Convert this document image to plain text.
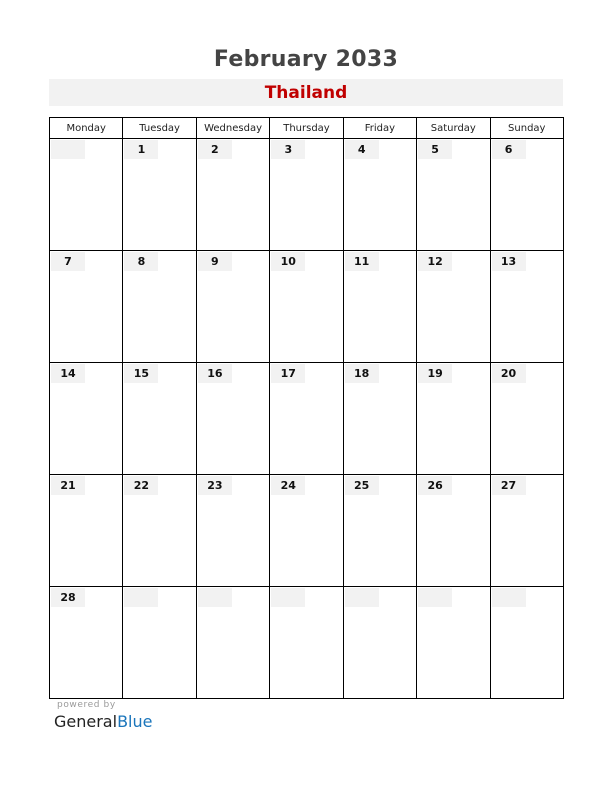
February 2033
Thailand
Monday	Tuesday	Wednesday	Thursday	Friday	Saturday	Sunday

	1	2	3	4	5	6

7	8	9	10	11	12	13

14	15	16	17	18	19	20

21	22	23	24	25	26	27

28						

powered by
GeneralBlue
